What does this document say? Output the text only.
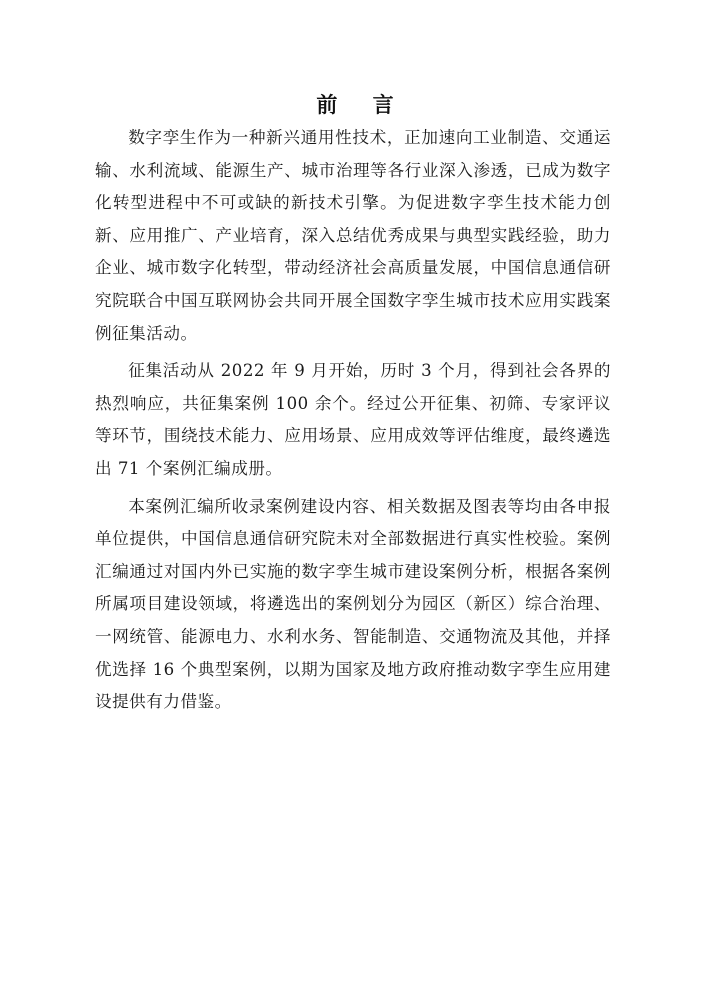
前 言

数字孪生作为一种新兴通用性技术，正加速向工业制造、交通运输、水利流域、能源生产、城市治理等各行业深入渗透，已成为数字化转型进程中不可或缺的新技术引擎。为促进数字孪生技术能力创新、应用推广、产业培育，深入总结优秀成果与典型实践经验，助力企业、城市数字化转型，带动经济社会高质量发展，中国信息通信研究院联合中国互联网协会共同开展全国数字孪生城市技术应用实践案例征集活动。

征集活动从 2022 年 9 月开始，历时 3 个月，得到社会各界的热烈响应，共征集案例 100 余个。经过公开征集、初筛、专家评议等环节，围绕技术能力、应用场景、应用成效等评估维度，最终遴选出 71 个案例汇编成册。

本案例汇编所收录案例建设内容、相关数据及图表等均由各申报单位提供，中国信息通信研究院未对全部数据进行真实性校验。案例汇编通过对国内外已实施的数字孪生城市建设案例分析，根据各案例所属项目建设领域，将遴选出的案例划分为园区（新区）综合治理、一网统管、能源电力、水利水务、智能制造、交通物流及其他，并择优选择 16 个典型案例，以期为国家及地方政府推动数字孪生应用建设提供有力借鉴。
